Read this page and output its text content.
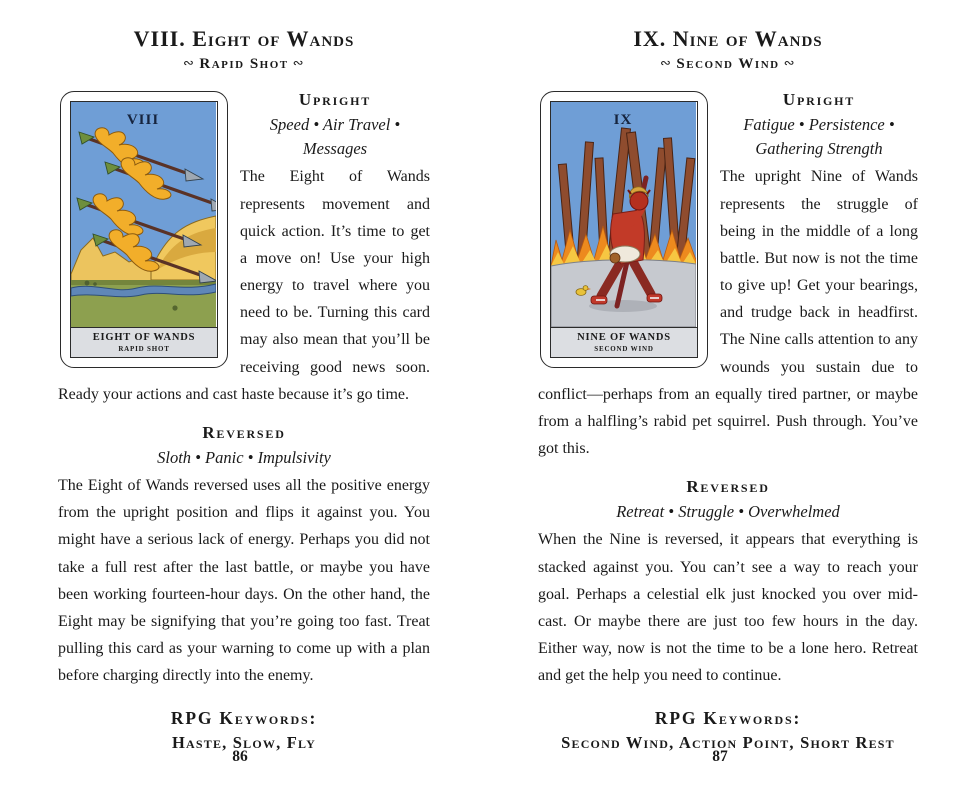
VIII. Eight of Wands
∾ Rapid Shot ∾
VIII
EIGHT OF WANDS
RAPID SHOT
Upright
Speed • Air Travel • Messages

The Eight of Wands represents movement and quick action. It’s time to get a move on! Use your high energy to travel where you need to be. Turning this card may also mean that you’ll be receiving good news soon. Ready your actions and cast haste because it’s go time.

Reversed
Sloth • Panic • Impulsivity

The Eight of Wands reversed uses all the positive energy from the upright position and flips it against you. You might have a serious lack of energy. Perhaps you did not take a full rest after the last battle, or maybe you have been working fourteen-hour days. On the other hand, the Eight may be signifying that you’re going too fast. Treat pulling this card as your warning to come up with a plan before charging directly into the enemy.

RPG Keywords:
Haste, Slow, Fly
86
IX. Nine of Wands
∾ Second Wind ∾
IX
NINE OF WANDS
SECOND WIND
Upright
Fatigue • Persistence • Gathering Strength

The upright Nine of Wands represents the struggle of being in the middle of a long battle. But now is not the time to give up! Get your bearings, and trudge back in headfirst. The Nine calls attention to any wounds you sustain due to conflict—perhaps from an equally tired partner, or maybe from a halfling’s rabid pet squirrel. Push through. You’ve got this.

Reversed
Retreat • Struggle • Overwhelmed

When the Nine is reversed, it appears that everything is stacked against you. You can’t see a way to reach your goal. Perhaps a celestial elk just knocked you over mid-cast. Or maybe there are just too few hours in the day. Either way, now is not the time to be a lone hero. Retreat and get the help you need to continue.

RPG Keywords:
Second Wind, Action Point, Short Rest
87
